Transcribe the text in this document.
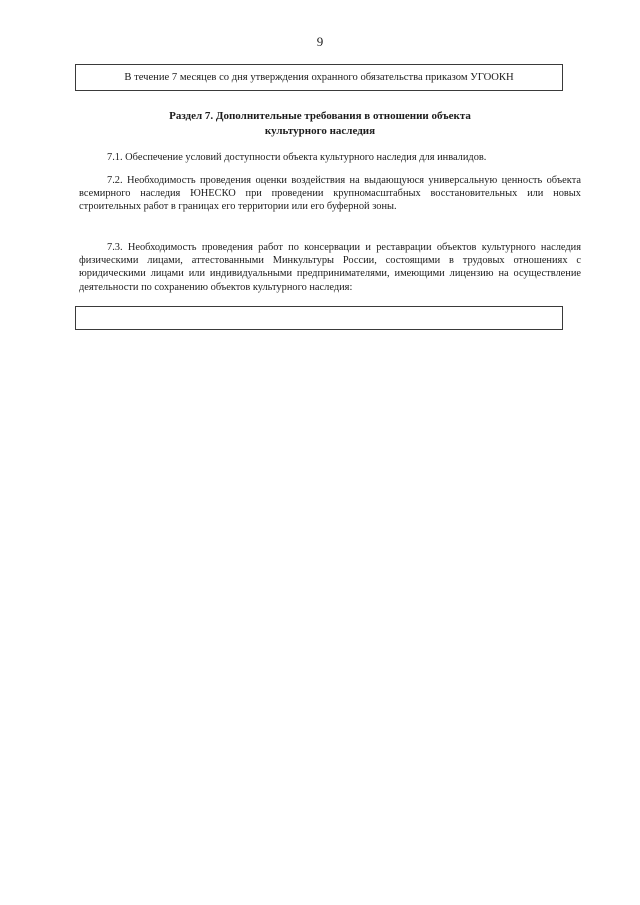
9
В течение 7 месяцев со дня утверждения охранного обязательства приказом УГООКН
Раздел 7. Дополнительные требования в отношении объекта
культурного наследия

7.1. Обеспечение условий доступности объекта культурного наследия для инвалидов.

7.2. Необходимость проведения оценки воздействия на выдающуюся универсальную ценность объекта всемирного наследия ЮНЕСКО при проведении крупномасштабных восстановительных или новых строительных работ в границах его территории или его буферной зоны.

7.3. Необходимость проведения работ по консервации и реставрации объектов культурного наследия физическими лицами, аттестованными Минкультуры России, состоящими в трудовых отношениях с юридическими лицами или индивидуальными предпринимателями, имеющими лицензию на осуществление деятельности по сохранению объектов культурного наследия:
